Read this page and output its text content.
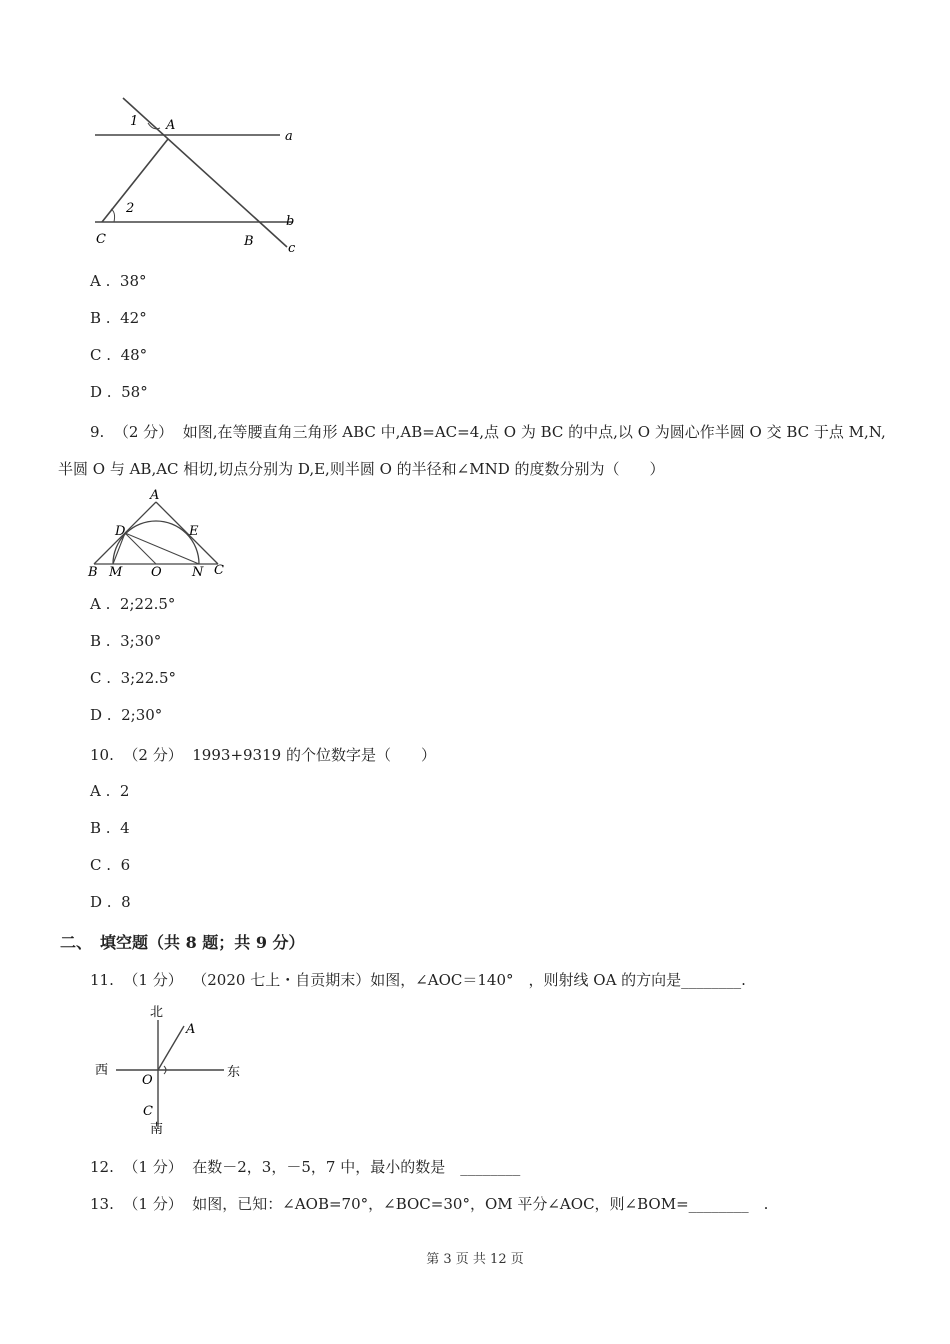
1 A
a
2
b
C	B	c
A . 38°
B . 42°
C . 48°
D . 58°
9. （2 分） 如图,在等腰直角三角形 ABC 中,AB=AC=4,点 O 为 BC 的中点,以 O 为圆心作半圆 O 交 BC 于点 M,N,
半圆 O 与 AB,AC 相切,切点分别为 D,E,则半圆 O 的半径和∠MND 的度数分别为（　　）
A
D	E
B M O N C
A . 2;22.5°
B . 3;30°
C . 3;22.5°
D . 2;30°
10. （2 分） 1993+9319 的个位数字是（　　）
A . 2
B . 4
C . 6
D . 8
二、　填空题（共 8 题；共 9 分）
11. （1 分） （2020 七上・自贡期末）如图，∠AOC＝140°　，则射线 OA 的方向是________.
北
A
西
O
东
C
南
12. （1 分） 在数－2，3，－5，7 中，最小的数是　________
13. （1 分） 如图，已知：∠AOB=70°，∠BOC=30°，OM 平分∠AOC，则∠BOM=________　.
第 3 页 共 12 页
